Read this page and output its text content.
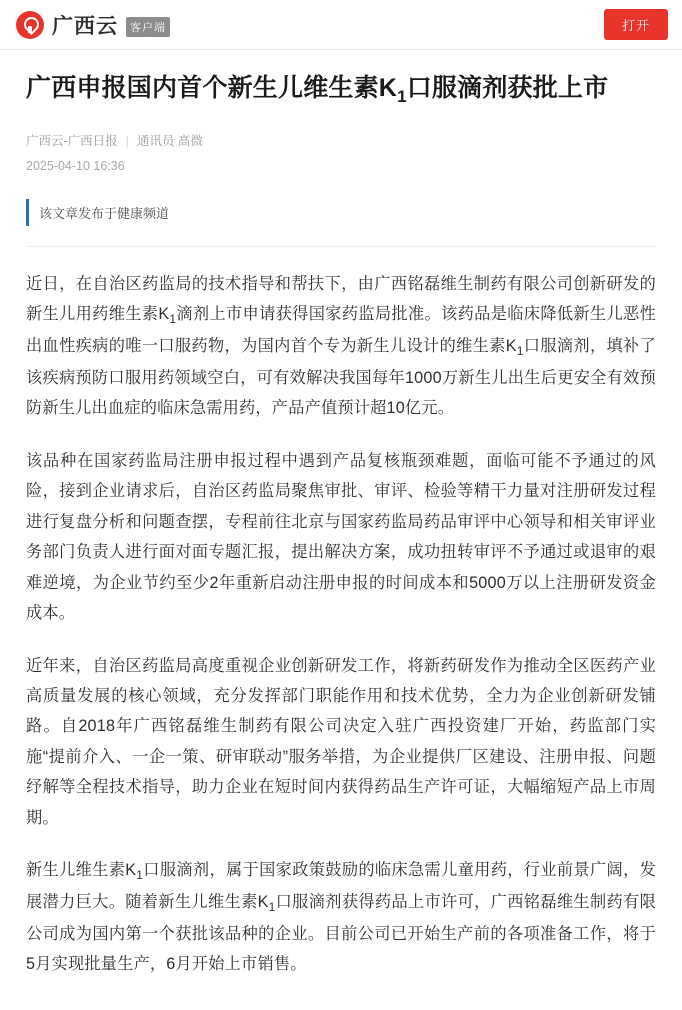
广西云	客户端	打开
广西申报国内首个新生儿维生素$K_1$口服滴剂获批上市
广西云-广西日报 | 通讯员 高微
2025-04-10 16:36
该文章发布于健康频道

近日，在自治区药监局的技术指导和帮扶下，由广西铭磊维生制药有限公司创新研发的新生儿用药维生素$K_1$滴剂上市申请获得国家药监局批准。该药品是临床降低新生儿恶性出血性疾病的唯一口服药物，为国内首个专为新生儿设计的维生素$K_1$口服滴剂，填补了该疾病预防口服用药领域空白，可有效解决我国每年1000万新生儿出生后更安全有效预防新生儿出血症的临床急需用药，产品产值预计超10亿元。

该品种在国家药监局注册申报过程中遇到产品复核瓶颈难题，面临可能不予通过的风险，接到企业请求后，自治区药监局聚焦审批、审评、检验等精干力量对注册研发过程进行复盘分析和问题查摆，专程前往北京与国家药监局药品审评中心领导和相关审评业务部门负责人进行面对面专题汇报，提出解决方案，成功扭转审评不予通过或退审的艰难逆境，为企业节约至少2年重新启动注册申报的时间成本和5000万以上注册研发资金成本。

近年来，自治区药监局高度重视企业创新研发工作，将新药研发作为推动全区医药产业高质量发展的核心领域，充分发挥部门职能作用和技术优势，全力为企业创新研发铺路。自2018年广西铭磊维生制药有限公司决定入驻广西投资建厂开始，药监部门实施“提前介入、一企一策、研审联动”服务举措，为企业提供厂区建设、注册申报、问题纾解等全程技术指导，助力企业在短时间内获得药品生产许可证，大幅缩短产品上市周期。

新生儿维生素$K_1$口服滴剂，属于国家政策鼓励的临床急需儿童用药，行业前景广阔，发展潜力巨大。随着新生儿维生素$K_1$口服滴剂获得药品上市许可，广西铭磊维生制药有限公司成为国内第一个获批该品种的企业。目前公司已开始生产前的各项准备工作，将于5月实现批量生产，6月开始上市销售。
